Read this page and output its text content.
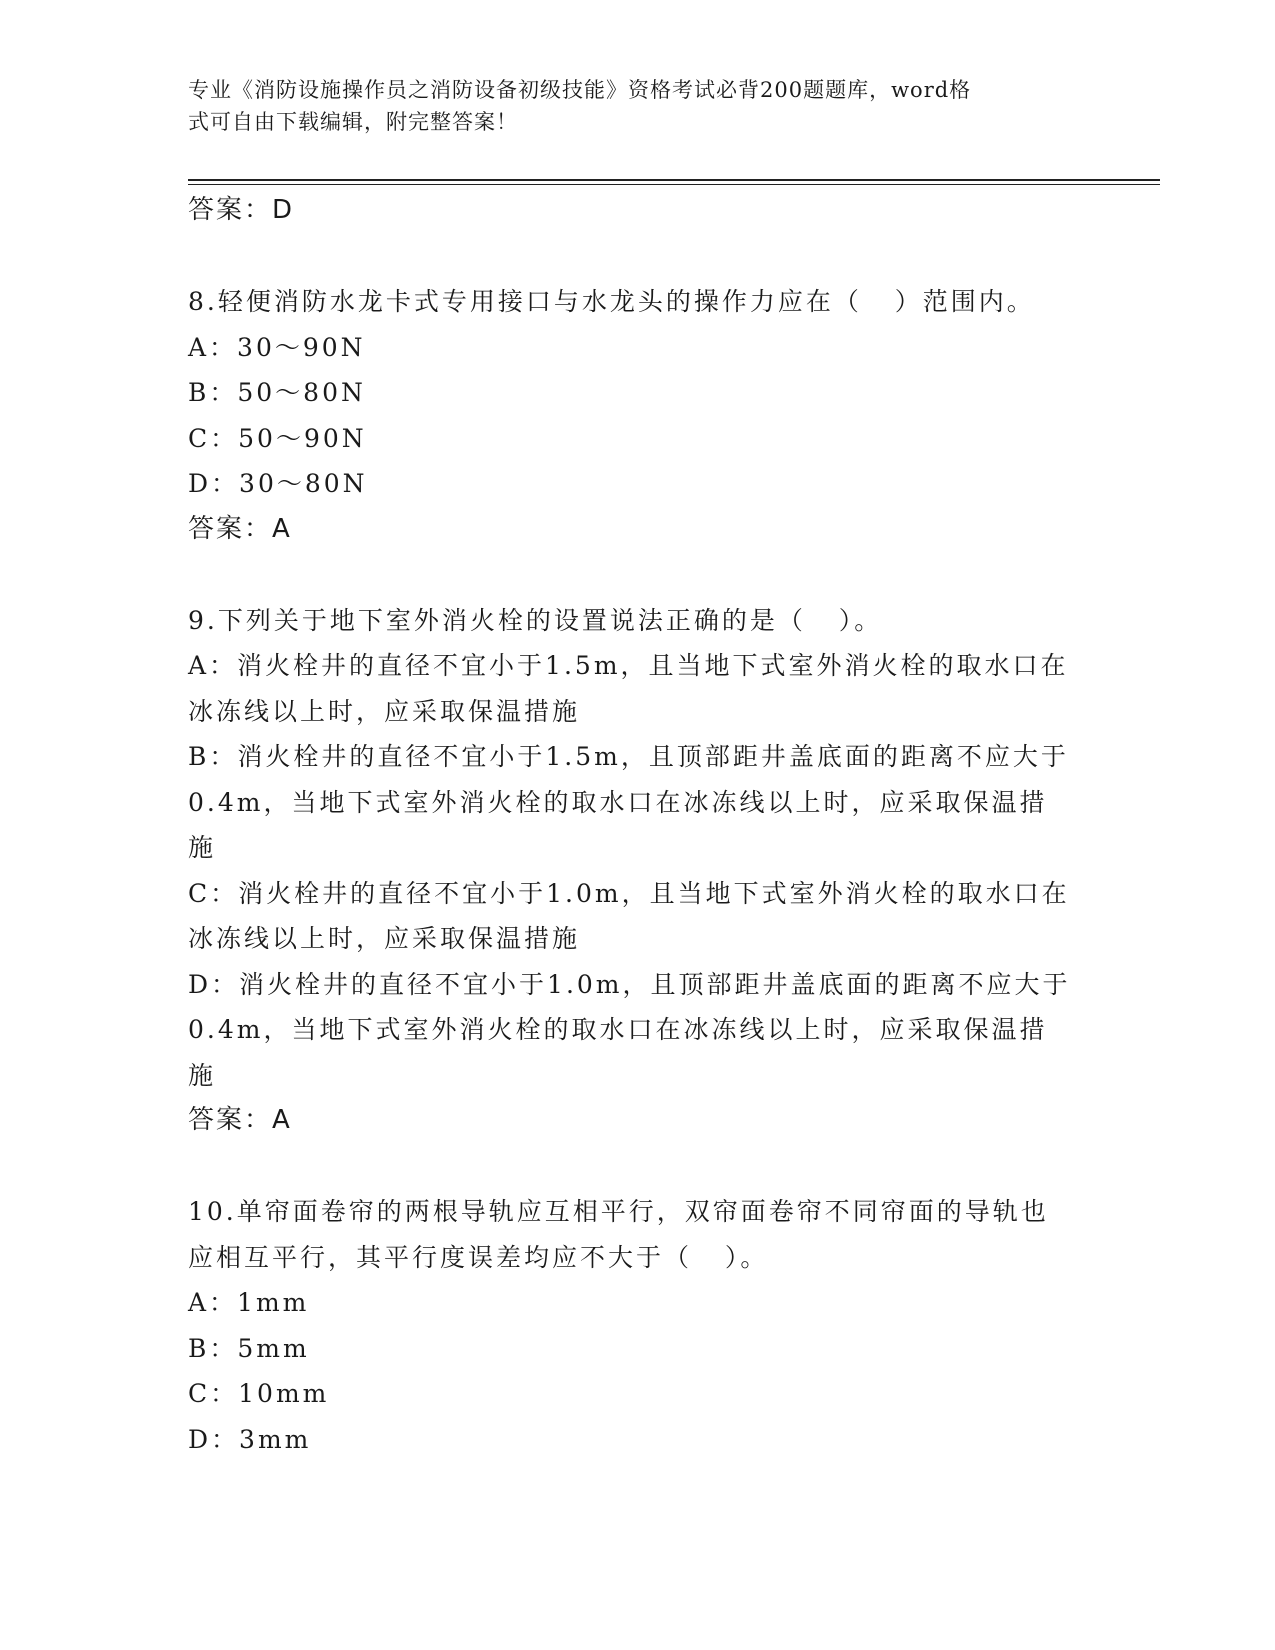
专业《消防设施操作员之消防设备初级技能》资格考试必背200题题库，word格
式可自由下载编辑，附完整答案！
答案：D
8.轻便消防水龙卡式专用接口与水龙头的操作力应在（   ）范围内。
A：30～90N
B：50～80N
C：50～90N
D：30～80N
答案：A
9.下列关于地下室外消火栓的设置说法正确的是（   ）。
A：消火栓井的直径不宜小于1.5m，且当地下式室外消火栓的取水口在
冰冻线以上时，应采取保温措施
B：消火栓井的直径不宜小于1.5m，且顶部距井盖底面的距离不应大于
0.4m，当地下式室外消火栓的取水口在冰冻线以上时，应采取保温措
施
C：消火栓井的直径不宜小于1.0m，且当地下式室外消火栓的取水口在
冰冻线以上时，应采取保温措施
D：消火栓井的直径不宜小于1.0m，且顶部距井盖底面的距离不应大于
0.4m，当地下式室外消火栓的取水口在冰冻线以上时，应采取保温措
施
答案：A
10.单帘面卷帘的两根导轨应互相平行，双帘面卷帘不同帘面的导轨也
应相互平行，其平行度误差均应不大于（   ）。
A：1mm
B：5mm
C：10mm
D：3mm
